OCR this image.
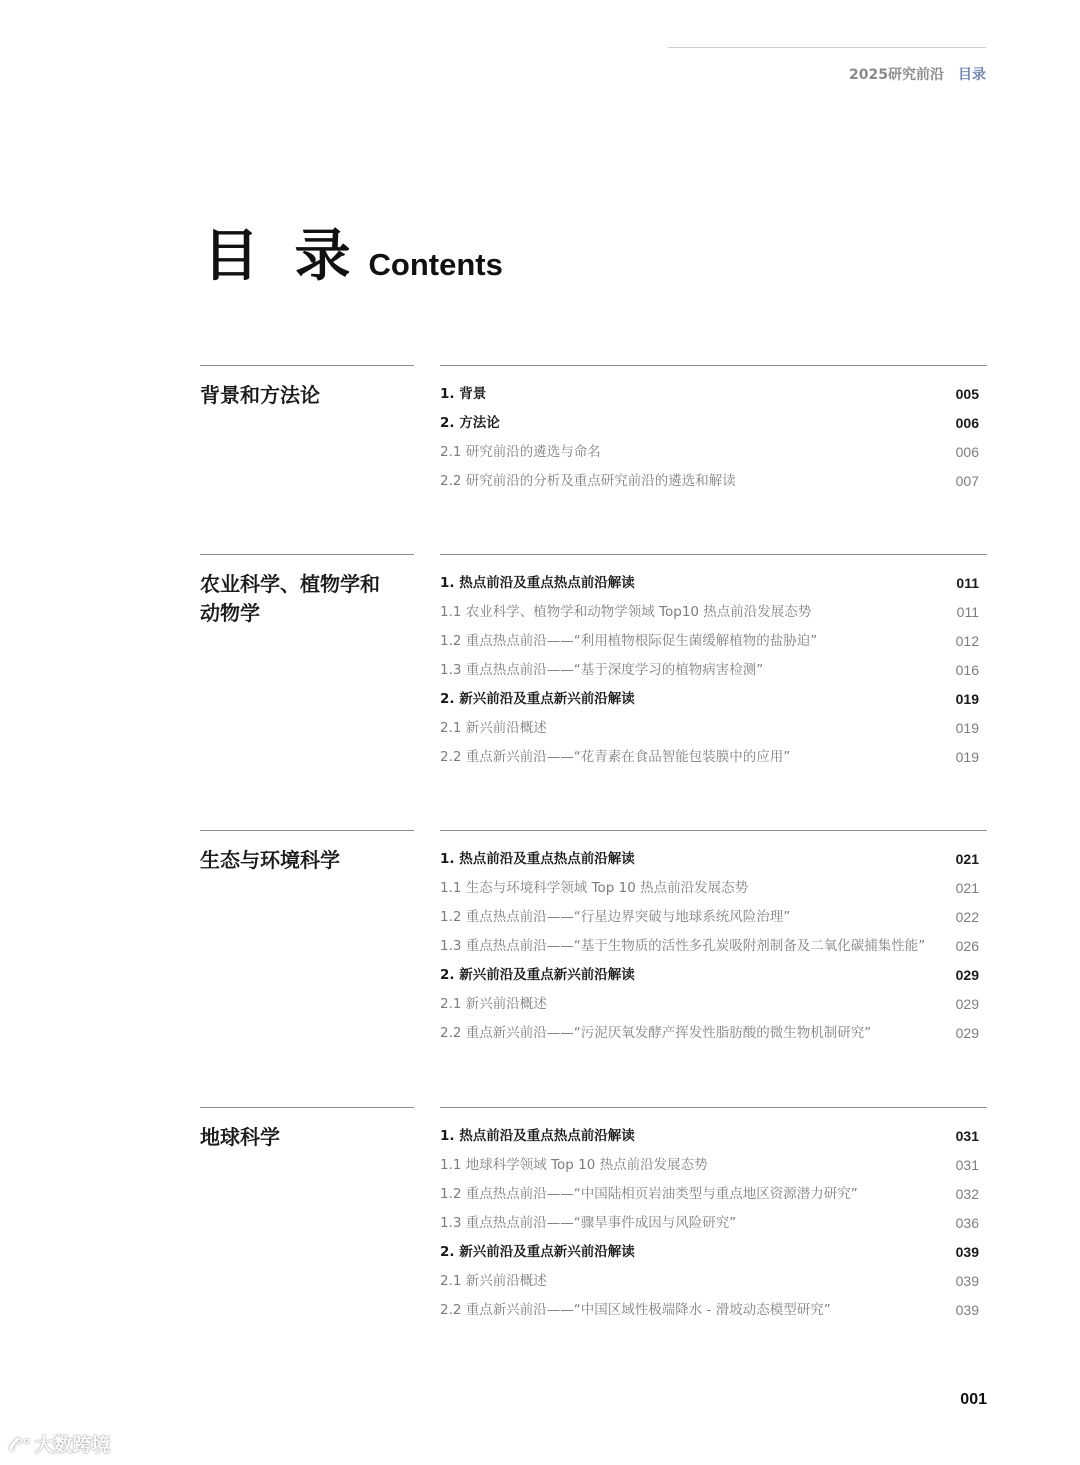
2025研究前沿 目录
目 录 Contents
背景和方法论	1. 背景	005
2. 方法论	006
2.1 研究前沿的遴选与命名	006
2.2 研究前沿的分析及重点研究前沿的遴选和解读	007
农业科学、植物学和动物学
1. 热点前沿及重点热点前沿解读	011
1.1 农业科学、植物学和动物学领域 Top10 热点前沿发展态势	011
1.2 重点热点前沿——“利用植物根际促生菌缓解植物的盐胁迫”	012
1.3 重点热点前沿——“基于深度学习的植物病害检测”	016
2. 新兴前沿及重点新兴前沿解读	019
2.1 新兴前沿概述	019
2.2 重点新兴前沿——“花青素在食品智能包装膜中的应用”	019
生态与环境科学	1. 热点前沿及重点热点前沿解读	021
1.1 生态与环境科学领域 Top 10 热点前沿发展态势	021
1.2 重点热点前沿——“行星边界突破与地球系统风险治理”	022
1.3 重点热点前沿——“基于生物质的活性多孔炭吸附剂制备及二氧化碳捕集性能” 026
2. 新兴前沿及重点新兴前沿解读	029
2.1 新兴前沿概述	029
2.2 重点新兴前沿——“污泥厌氧发酵产挥发性脂肪酸的微生物机制研究”	029
地球科学	1. 热点前沿及重点热点前沿解读	031
1.1 地球科学领域 Top 10 热点前沿发展态势	031
1.2 重点热点前沿——“中国陆相页岩油类型与重点地区资源潜力研究”	032
1.3 重点热点前沿——“骤旱事件成因与风险研究”	036
2. 新兴前沿及重点新兴前沿解读	039
2.1 新兴前沿概述	039
2.2 重点新兴前沿——“中国区域性极端降水 - 滑坡动态模型研究”	039
001
𝓁ᐤᐤ 大数跨境
